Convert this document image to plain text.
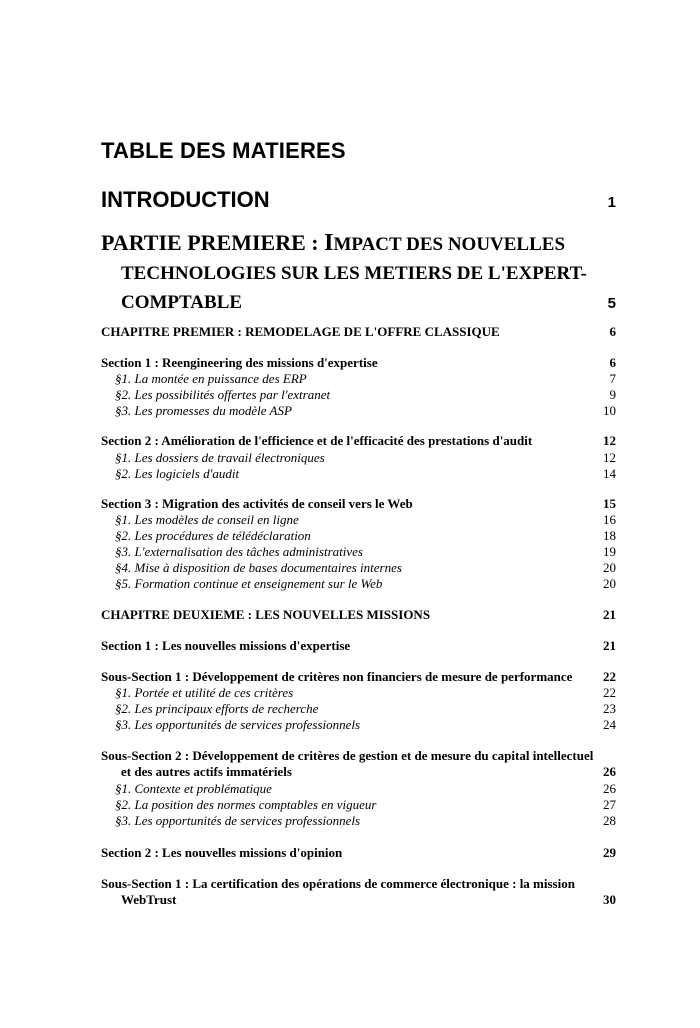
TABLE DES MATIERES
INTRODUCTION	1
PARTIE PREMIERE : IMPACT DES NOUVELLES
TECHNOLOGIES SUR LES METIERS DE L'EXPERT-
COMPTABLE	5
CHAPITRE PREMIER : REMODELAGE DE L'OFFRE CLASSIQUE	6
Section 1 : Reengineering des missions d'expertise	6
§1. La montée en puissance des ERP	7
§2. Les possibilités offertes par l'extranet	9
§3. Les promesses du modèle ASP	10
Section 2 : Amélioration de l'efficience et de l'efficacité des prestations d'audit	12
§1. Les dossiers de travail électroniques	12
§2. Les logiciels d'audit	14
Section 3 : Migration des activités de conseil vers le Web	15
§1. Les modèles de conseil en ligne	16
§2. Les procédures de télédéclaration	18
§3. L'externalisation des tâches administratives	19
§4. Mise à disposition de bases documentaires internes	20
§5. Formation continue et enseignement sur le Web	20
CHAPITRE DEUXIEME : LES NOUVELLES MISSIONS	21
Section 1 : Les nouvelles missions d'expertise	21
Sous-Section 1 : Développement de critères non financiers de mesure de performance 22
§1. Portée et utilité de ces critères	22
§2. Les principaux efforts de recherche	23
§3. Les opportunités de services professionnels	24
Sous-Section 2 : Développement de critères de gestion et de mesure du capital intellectuel
et des autres actifs immatériels	26
§1. Contexte et problématique	26
§2. La position des normes comptables en vigueur	27
§3. Les opportunités de services professionnels	28
Section 2 : Les nouvelles missions d'opinion	29
Sous-Section 1 : La certification des opérations de commerce électronique : la mission
WebTrust	30
